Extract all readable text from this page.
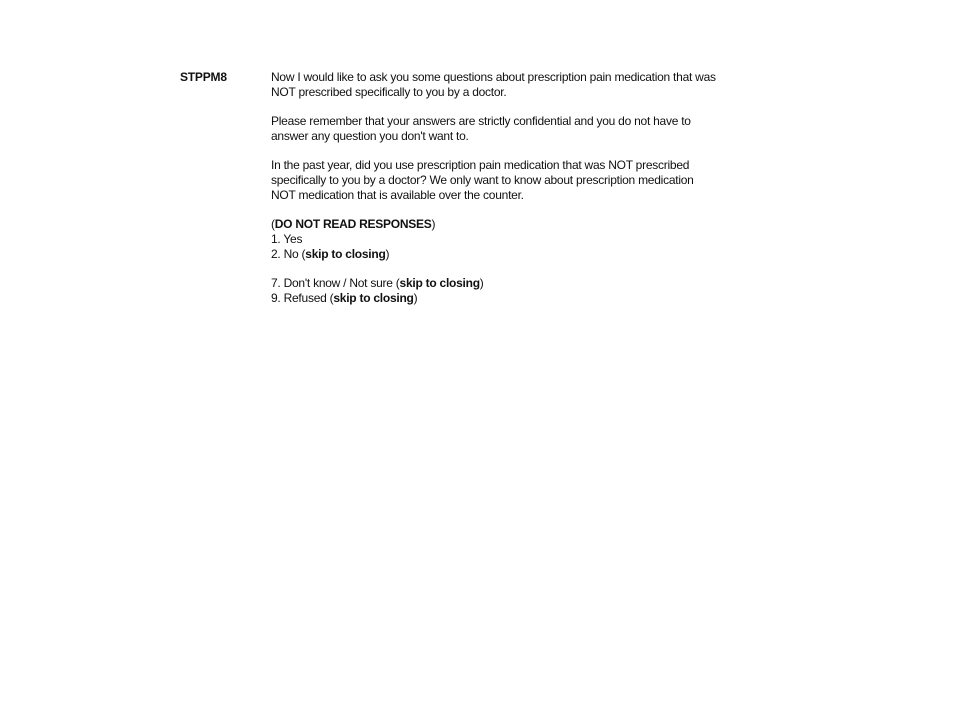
STPPM8	Now I would like to ask you some questions about prescription pain medication that was
NOT prescribed specifically to you by a doctor.

Please remember that your answers are strictly confidential and you do not have to
answer any question you don't want to.

In the past year, did you use prescription pain medication that was NOT prescribed
specifically to you by a doctor? We only want to know about prescription medication
NOT medication that is available over the counter.

(DO NOT READ RESPONSES)

1. Yes
2. No (skip to closing)
7. Don't know / Not sure (skip to closing)
9. Refused (skip to closing)
